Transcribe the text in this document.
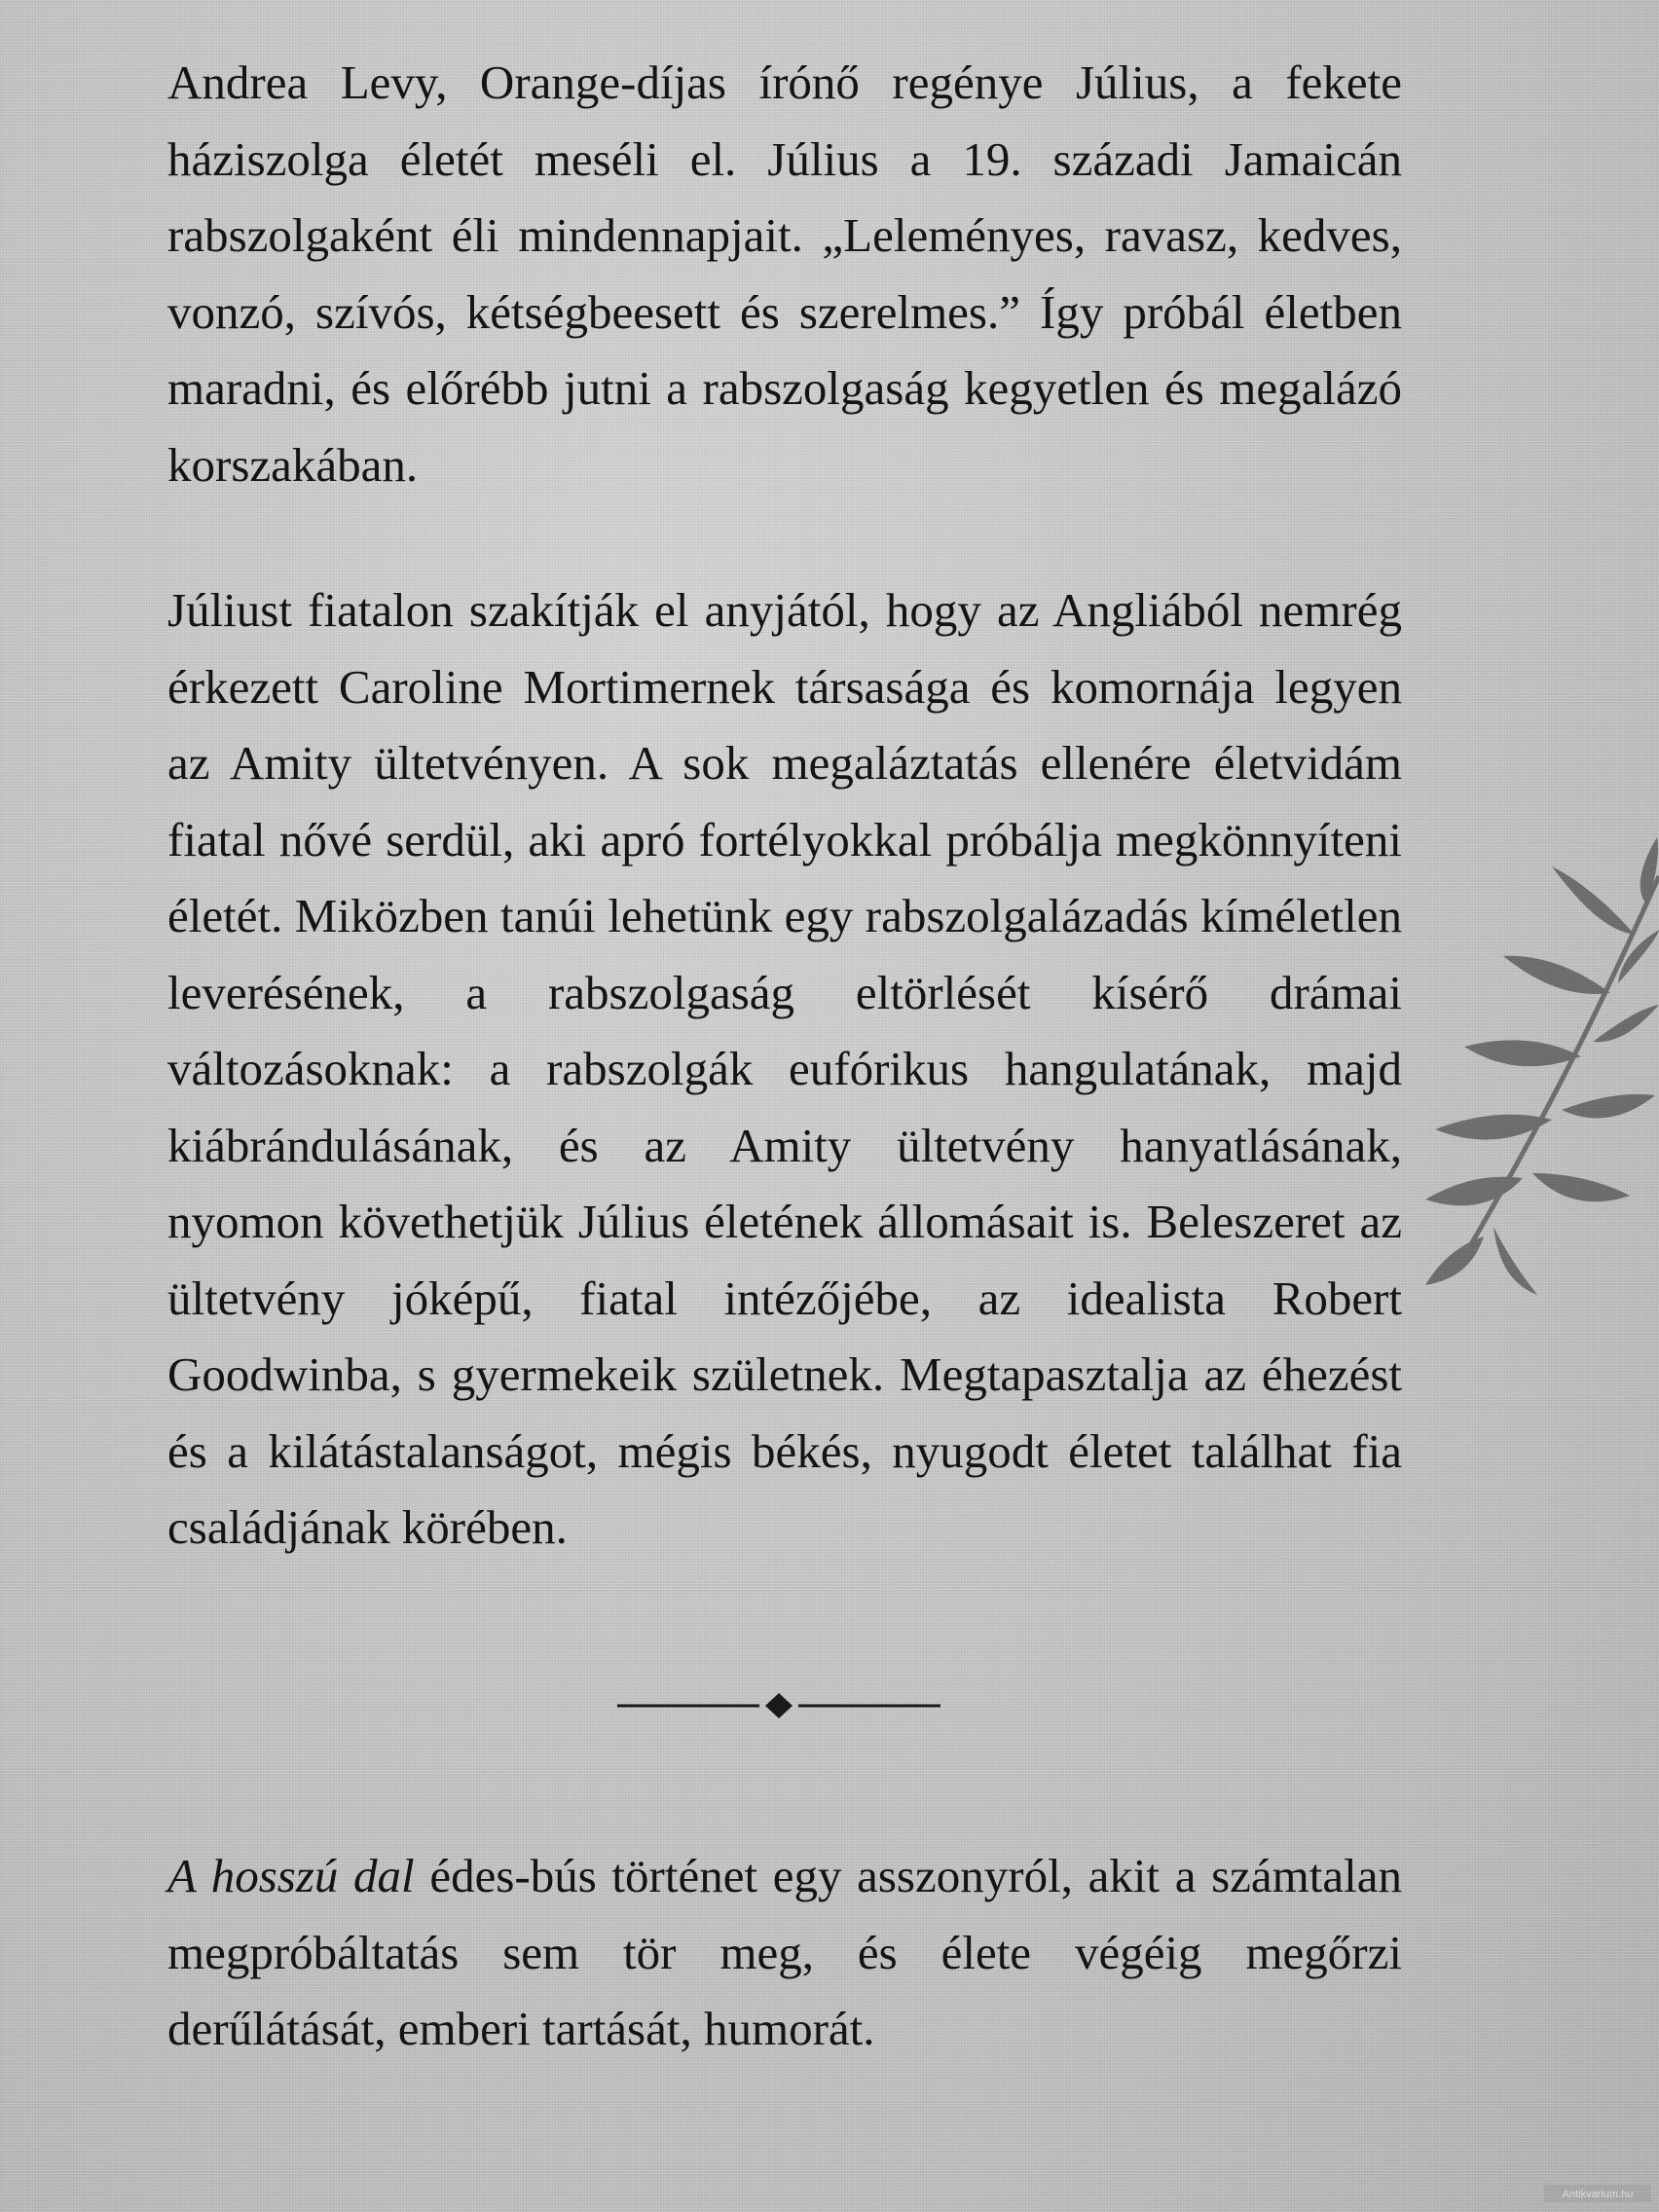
Andrea Levy, Orange-díjas írónő regénye Július, a fekete háziszolga életét meséli el. Július a 19. századi Jamaicán rabszolgaként éli mindennapjait. „Leleményes, ravasz, kedves, vonzó, szívós, kétségbeesett és szerelmes.” Így próbál életben maradni, és előrébb jutni a rabszolgaság kegyetlen és megalázó korszakában.

Júliust fiatalon szakítják el anyjától, hogy az Angliából nemrég érkezett Caroline Mortimernek társasága és komornája legyen az Amity ültetvényen. A sok megaláztatás ellenére életvidám fiatal nővé serdül, aki apró fortélyokkal próbálja megkönnyíteni életét. Miközben tanúi lehetünk egy rabszolgalázadás kíméletlen leverésének, a rabszolgaság eltörlését kísérő drámai változásoknak: a rabszolgák eufórikus hangulatának, majd kiábrándulásának, és az Amity ültetvény hanyatlásának, nyomon követhetjük Július életének állomásait is. Beleszeret az ültetvény jóképű, fiatal intézőjébe, az idealista Robert Goodwinba, s gyermekeik születnek. Megtapasztalja az éhezést és a kilátástalanságot, mégis békés, nyugodt életet találhat fia családjának körében.

A hosszú dal édes-bús történet egy asszonyról, akit a számtalan megpróbáltatás sem tör meg, és élete végéig megőrzi derűlátását, emberi tartását, humorát.

Antikvarium.hu
